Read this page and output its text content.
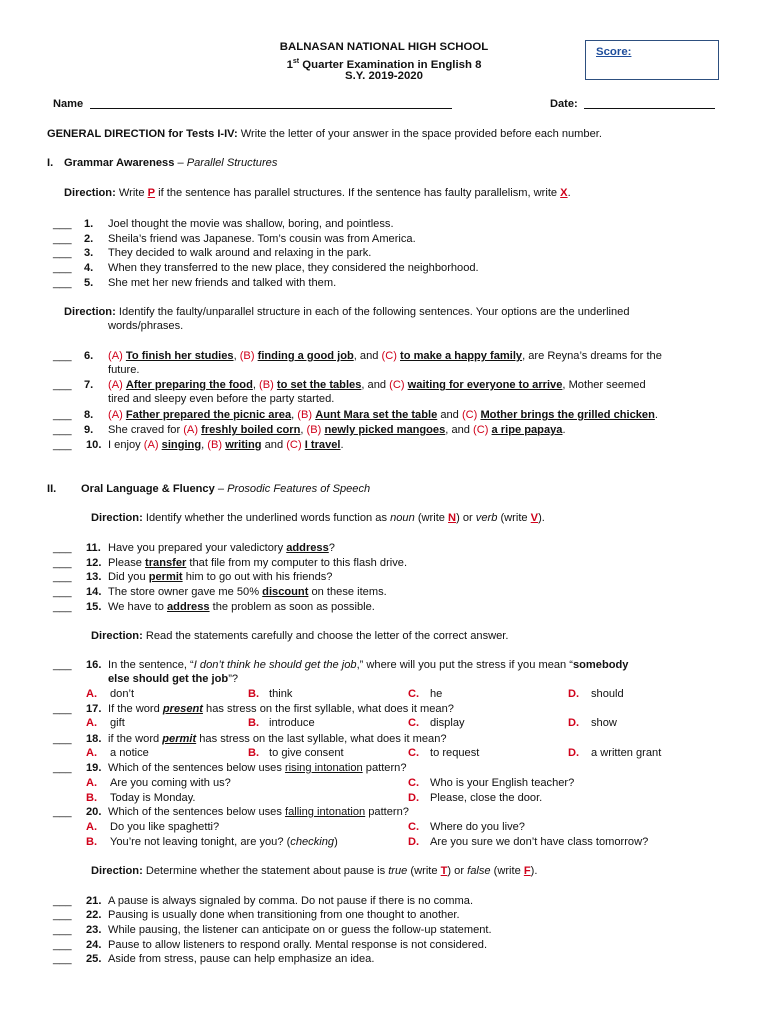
BALNASAN NATIONAL HIGH SCHOOL
1st Quarter Examination in English 8
S.Y. 2019-2020
Score:
Name	Date:
GENERAL DIRECTION for Tests I-IV: Write the letter of your answer in the space provided before each number.
I. Grammar Awareness – Parallel Structures
Direction: Write P if the sentence has parallel structures. If the sentence has faulty parallelism, write X.
___ 1. Joel thought the movie was shallow, boring, and pointless.
___ 2. Sheila’s friend was Japanese. Tom’s cousin was from America.
___ 3. They decided to walk around and relaxing in the park.
___ 4. When they transferred to the new place, they considered the neighborhood.
___ 5. She met her new friends and talked with them.
Direction: Identify the faulty/unparallel structure in each of the following sentences. Your options are the underlined
words/phrases.
___ 6. (A) To finish her studies, (B) finding a good job, and (C) to make a happy family, are Reyna’s dreams for the
future.
___ 7. (A) After preparing the food, (B) to set the tables, and (C) waiting for everyone to arrive, Mother seemed
tired and sleepy even before the party started.
___ 8. (A) Father prepared the picnic area, (B) Aunt Mara set the table and (C) Mother brings the grilled chicken.
___ 9. She craved for (A) freshly boiled corn, (B) newly picked mangoes, and (C) a ripe papaya.
___ 10. I enjoy (A) singing, (B) writing and (C) I travel.
II. Oral Language & Fluency – Prosodic Features of Speech
Direction: Identify whether the underlined words function as noun (write N) or verb (write V).
___ 11. Have you prepared your valedictory address?
___ 12. Please transfer that file from my computer to this flash drive.
___ 13. Did you permit him to go out with his friends?
___ 14. The store owner gave me 50% discount on these items.
___ 15. We have to address the problem as soon as possible.
Direction: Read the statements carefully and choose the letter of the correct answer.
___ 16. In the sentence, “I don’t think he should get the job,” where will you put the stress if you mean “somebody
else should get the job”?
A. don’t	B. think	C. he	D. should
___ 17. If the word present has stress on the first syllable, what does it mean?
A. gift	B. introduce	C. display	D. show
___ 18. if the word permit has stress on the last syllable, what does it mean?
A. a notice	B. to give consent	C. to request	D. a written grant
___ 19. Which of the sentences below uses rising intonation pattern?
A. Are you coming with us?	C. Who is your English teacher?
B. Today is Monday.	D. Please, close the door.
___ 20. Which of the sentences below uses falling intonation pattern?
A. Do you like spaghetti?	C. Where do you live?
B. You’re not leaving tonight, are you? (checking)	D. Are you sure we don’t have class tomorrow?
Direction: Determine whether the statement about pause is true (write T) or false (write F).
___ 21. A pause is always signaled by comma. Do not pause if there is no comma.
___ 22. Pausing is usually done when transitioning from one thought to another.
___ 23. While pausing, the listener can anticipate on or guess the follow-up statement.
___ 24. Pause to allow listeners to respond orally. Mental response is not considered.
___ 25. Aside from stress, pause can help emphasize an idea.
